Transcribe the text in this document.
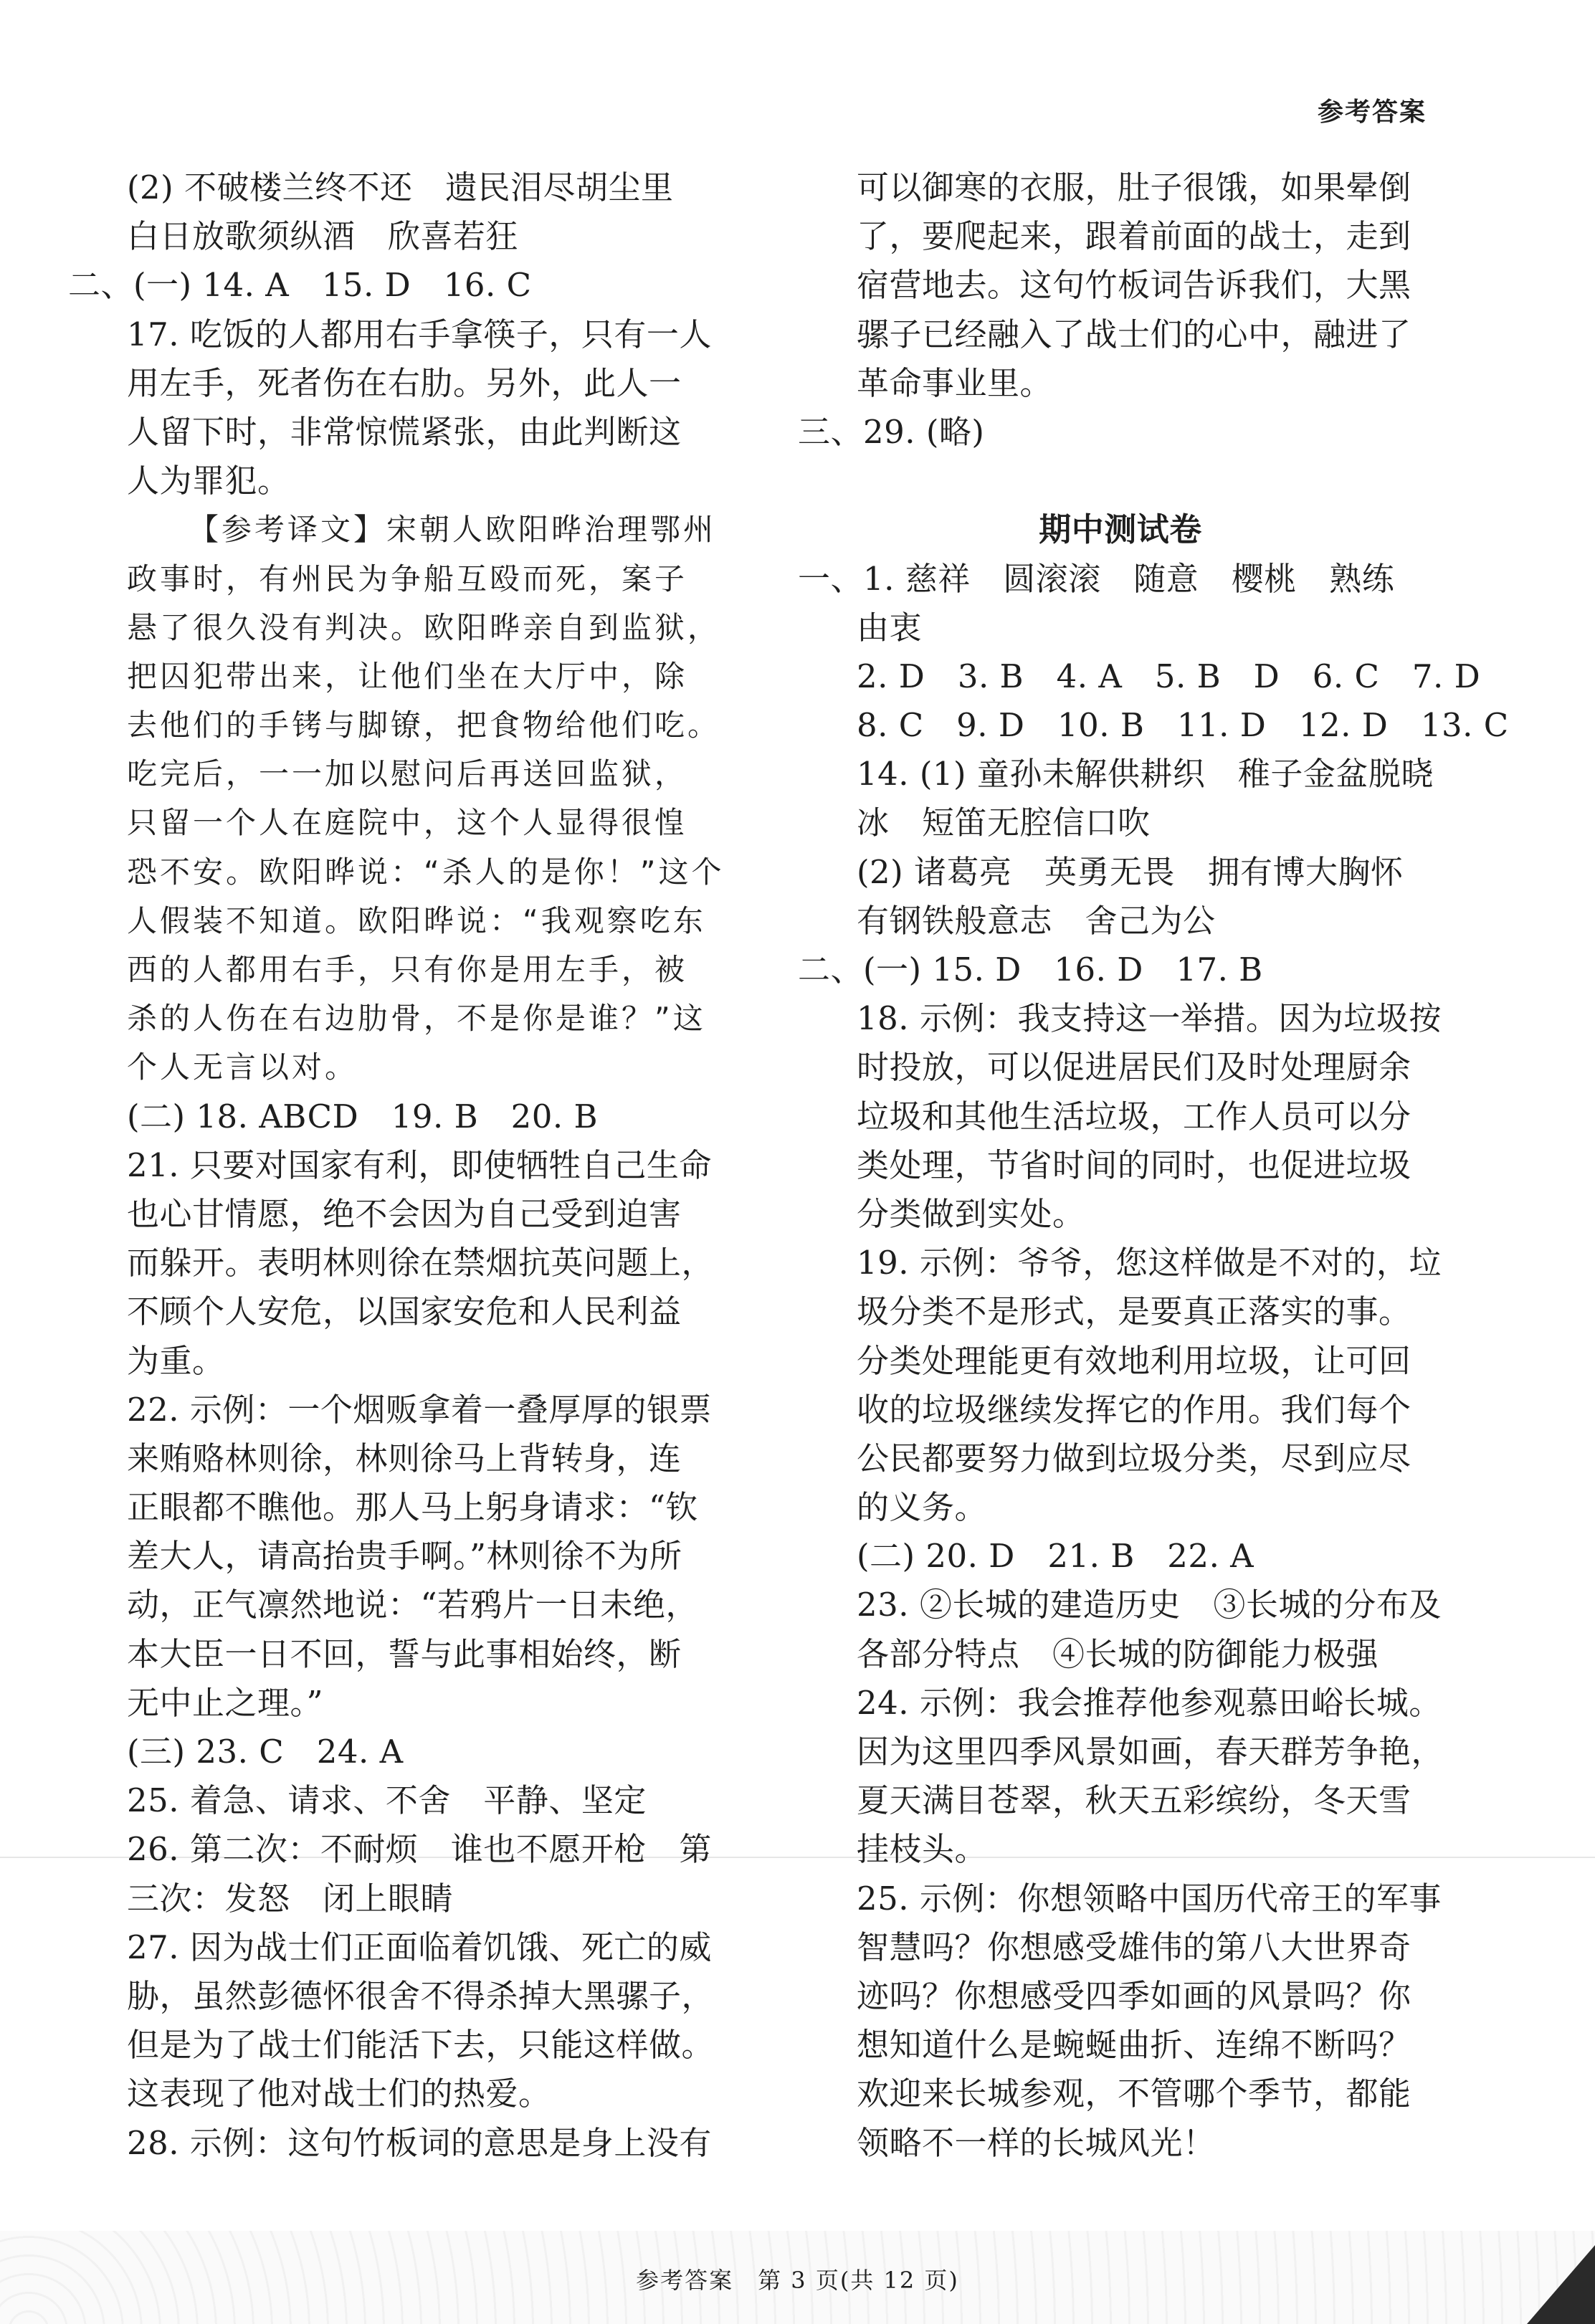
参考答案
(2) 不破楼兰终不还　遗民泪尽胡尘里
白日放歌须纵酒　欣喜若狂
二、(一) 14. A　15. D　16. C
17. 吃饭的人都用右手拿筷子，只有一人
用左手，死者伤在右肋。另外，此人一
人留下时，非常惊慌紧张，由此判断这
人为罪犯。
【参考译文】宋朝人欧阳晔治理鄂州
政事时，有州民为争船互殴而死，案子
悬了很久没有判决。欧阳晔亲自到监狱，
把囚犯带出来，让他们坐在大厅中，除
去他们的手铐与脚镣，把食物给他们吃。
吃完后，一一加以慰问后再送回监狱，
只留一个人在庭院中，这个人显得很惶
恐不安。欧阳晔说：“杀人的是你！”这个
人假装不知道。欧阳晔说：“我观察吃东
西的人都用右手，只有你是用左手，被
杀的人伤在右边肋骨，不是你是谁？”这
个人无言以对。
(二) 18. ABCD　19. B　20. B
21. 只要对国家有利，即使牺牲自己生命
也心甘情愿，绝不会因为自己受到迫害
而躲开。表明林则徐在禁烟抗英问题上，
不顾个人安危，以国家安危和人民利益
为重。
22. 示例：一个烟贩拿着一叠厚厚的银票
来贿赂林则徐，林则徐马上背转身，连
正眼都不瞧他。那人马上躬身请求：“钦
差大人，请高抬贵手啊。”林则徐不为所
动，正气凛然地说：“若鸦片一日未绝，
本大臣一日不回，誓与此事相始终，断
无中止之理。”
(三) 23. C　24. A
25. 着急、请求、不舍　平静、坚定
26. 第二次：不耐烦　谁也不愿开枪　第
三次：发怒　闭上眼睛
27. 因为战士们正面临着饥饿、死亡的威
胁，虽然彭德怀很舍不得杀掉大黑骡子，
但是为了战士们能活下去，只能这样做。
这表现了他对战士们的热爱。
28. 示例：这句竹板词的意思是身上没有
可以御寒的衣服，肚子很饿，如果晕倒
了，要爬起来，跟着前面的战士，走到
宿营地去。这句竹板词告诉我们，大黑
骡子已经融入了战士们的心中，融进了
革命事业里。
三、29. (略)
期中测试卷
一、1. 慈祥　圆滚滚　随意　樱桃　熟练
由衷
2. D　3. B　4. A　5. B　D　6. C　7. D
8. C　9. D　10. B　11. D　12. D　13. C
14. (1) 童孙未解供耕织　稚子金盆脱晓
冰　短笛无腔信口吹
(2) 诸葛亮　英勇无畏　拥有博大胸怀
有钢铁般意志　舍己为公
二、(一) 15. D　16. D　17. B
18. 示例：我支持这一举措。因为垃圾按
时投放，可以促进居民们及时处理厨余
垃圾和其他生活垃圾，工作人员可以分
类处理，节省时间的同时，也促进垃圾
分类做到实处。
19. 示例：爷爷，您这样做是不对的，垃
圾分类不是形式，是要真正落实的事。
分类处理能更有效地利用垃圾，让可回
收的垃圾继续发挥它的作用。我们每个
公民都要努力做到垃圾分类，尽到应尽
的义务。
(二) 20. D　21. B　22. A
23. ②长城的建造历史　③长城的分布及
各部分特点　④长城的防御能力极强
24. 示例：我会推荐他参观慕田峪长城。
因为这里四季风景如画，春天群芳争艳，
夏天满目苍翠，秋天五彩缤纷，冬天雪
挂枝头。
25. 示例：你想领略中国历代帝王的军事
智慧吗？你想感受雄伟的第八大世界奇
迹吗？你想感受四季如画的风景吗？你
想知道什么是蜿蜒曲折、连绵不断吗？
欢迎来长城参观，不管哪个季节，都能
领略不一样的长城风光！
参考答案　第 3 页(共 12 页)
